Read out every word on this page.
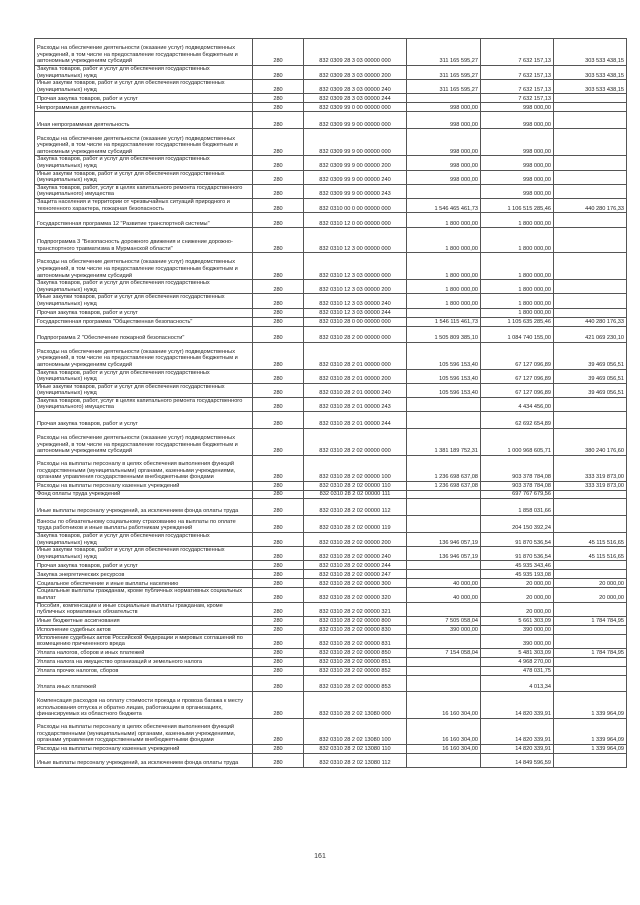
Расходы на обеспечение деятельности (оказание услуг) подведомственных учреждений, в том числе на предоставление государственным бюджетным и автономным учреждениям субсидий	280	832 0309 28 3 03 00000 000	311 165 595,27	7 632 157,13	303 533 438,15
Закупка товаров, работ и услуг для обеспечения государственных (муниципальных) нужд	280	832 0309 28 3 03 00000 200	311 165 595,27	7 632 157,13	303 533 438,15
Иные закупки товаров, работ и услуг для обеспечения государственных (муниципальных) нужд	280	832 0309 28 3 03 00000 240	311 165 595,27	7 632 157,13	303 533 438,15
Прочая закупка товаров, работ и услуг	280	832 0309 28 3 03 00000 244		7 632 157,13	
Непрограммная деятельность	280	832 0309 99 0 00 00000 000	998 000,00	998 000,00	
Иная непрограммная деятельность	280	832 0309 99 9 00 00000 000	998 000,00	998 000,00	
Расходы на обеспечение деятельности (оказание услуг) подведомственных учреждений, в том числе на предоставление государственным бюджетным и автономным учреждениям субсидий	280	832 0309 99 9 00 00000 000	998 000,00	998 000,00	
Закупка товаров, работ и услуг для обеспечения государственных (муниципальных) нужд	280	832 0309 99 9 00 00000 200	998 000,00	998 000,00	
Иные закупки товаров, работ и услуг для обеспечения государственных (муниципальных) нужд	280	832 0309 99 9 00 00000 240	998 000,00	998 000,00	
Закупка товаров, работ, услуг в целях капитального ремонта государственного (муниципального) имущества	280	832 0309 99 9 00 00000 243		998 000,00	
Защита населения и территории от чрезвычайных ситуаций природного и техногенного характера, пожарная безопасность	280	832 0310 00 0 00 00000 000	1 546 465 461,73	1 106 515 285,46	440 280 176,33
Государственная программа 12 "Развитие транспортной системы"	280	832 0310 12 0 00 00000 000	1 800 000,00	1 800 000,00	
Подпрограмма 3 "Безопасность дорожного движения и снижение дорожно-транспортного травматизма в Мурманской области"	280	832 0310 12 3 00 00000 000	1 800 000,00	1 800 000,00	
Расходы на обеспечение деятельности (оказание услуг) подведомственных учреждений, в том числе на предоставление государственным бюджетным и автономным учреждениям субсидий	280	832 0310 12 3 03 00000 000	1 800 000,00	1 800 000,00	
Закупка товаров, работ и услуг для обеспечения государственных (муниципальных) нужд	280	832 0310 12 3 03 00000 200	1 800 000,00	1 800 000,00	
Иные закупки товаров, работ и услуг для обеспечения государственных (муниципальных) нужд	280	832 0310 12 3 03 00000 240	1 800 000,00	1 800 000,00	
Прочая закупка товаров, работ и услуг	280	832 0310 12 3 03 00000 244		1 800 000,00	
Государственная программа "Общественная безопасность"	280	832 0310 28 0 00 00000 000	1 546 115 461,73	1 105 635 285,46	440 280 176,33
Подпрограмма 2 "Обеспечение пожарной безопасности"	280	832 0310 28 2 00 00000 000	1 505 809 385,10	1 084 740 155,00	421 069 230,10
Расходы на обеспечение деятельности (оказание услуг) подведомственных учреждений, в том числе на предоставление государственным бюджетным и автономным учреждениям субсидий	280	832 0310 28 2 01 00000 000	105 596 153,40	67 127 096,89	39 469 056,51
Закупка товаров, работ и услуг для обеспечения государственных (муниципальных) нужд	280	832 0310 28 2 01 00000 200	105 596 153,40	67 127 096,89	39 469 056,51
Иные закупки товаров, работ и услуг для обеспечения государственных (муниципальных) нужд	280	832 0310 28 2 01 00000 240	105 596 153,40	67 127 096,89	39 469 056,51
Закупка товаров, работ, услуг в целях капитального ремонта государственного (муниципального) имущества	280	832 0310 28 2 01 00000 243		4 434 456,00	
Прочая закупка товаров, работ и услуг	280	832 0310 28 2 01 00000 244		62 692 654,89	
Расходы на обеспечение деятельности (оказание услуг) подведомственных учреждений, в том числе на предоставление государственным бюджетным и автономным учреждениям субсидий	280	832 0310 28 2 02 00000 000	1 381 189 752,31	1 000 968 605,71	380 240 176,60
Расходы на выплаты персоналу в целях обеспечения выполнения функций государственными (муниципальными) органами, казенными учреждениями, органами управления государственными внебюджетными фондами	280	832 0310 28 2 02 00000 100	1 236 698 637,08	903 378 784,08	333 319 873,00
Расходы на выплаты персоналу казенных учреждений	280	832 0310 28 2 02 00000 110	1 236 698 637,08	903 378 784,08	333 319 873,00
Фонд оплаты труда учреждений	280	832 0310 28 2 02 00000 111		697 767 679,56	
Иные выплаты персоналу учреждений, за исключением фонда оплаты труда	280	832 0310 28 2 02 00000 112		1 858 031,66	
Взносы по обязательному социальному страхованию на выплаты по оплате труда работников и иные выплаты работникам учреждений	280	832 0310 28 2 02 00000 119		204 150 392,24	
Закупка товаров, работ и услуг для обеспечения государственных (муниципальных) нужд	280	832 0310 28 2 02 00000 200	136 946 057,19	91 870 536,54	45 115 516,65
Иные закупки товаров, работ и услуг для обеспечения государственных (муниципальных) нужд	280	832 0310 28 2 02 00000 240	136 946 057,19	91 870 536,54	45 115 516,65
Прочая закупка товаров, работ и услуг	280	832 0310 28 2 02 00000 244		45 935 343,46	
Закупка энергетических ресурсов	280	832 0310 28 2 02 00000 247		45 935 193,08	
Социальное обеспечение и иные выплаты населению	280	832 0310 28 2 02 00000 300	40 000,00	20 000,00	20 000,00
Социальные выплаты гражданам, кроме публичных нормативных социальных выплат	280	832 0310 28 2 02 00000 320	40 000,00	20 000,00	20 000,00
Пособия, компенсации и иные социальные выплаты гражданам, кроме публичных нормативных обязательств	280	832 0310 28 2 02 00000 321		20 000,00	
Иные бюджетные ассигнования	280	832 0310 28 2 02 00000 800	7 505 058,04	5 661 303,09	1 784 784,95
Исполнение судебных актов	280	832 0310 28 2 02 00000 830	390 000,00	390 000,00	
Исполнение судебных актов Российской Федерации и мировых соглашений по возмещению причиненного вреда	280	832 0310 28 2 02 00000 831		390 000,00	
Уплата налогов, сборов и иных платежей	280	832 0310 28 2 02 00000 850	7 154 058,04	5 481 303,09	1 784 784,95
Уплата налога на имущество организаций и земельного налога	280	832 0310 28 2 02 00000 851		4 968 270,00	
Уплата прочих налогов, сборов	280	832 0310 28 2 02 00000 852		478 031,75	
Уплата иных платежей	280	832 0310 28 2 02 00000 853		4 013,34	
Компенсация расходов на оплату стоимости проезда и провоза багажа к месту использования отпуска и обратно лицам, работающим в организациях, финансируемых из областного бюджета	280	832 0310 28 2 02 13080 000	16 160 304,00	14 820 339,91	1 339 964,09
Расходы на выплаты персоналу в целях обеспечения выполнения функций государственными (муниципальными) органами, казенными учреждениями, органами управления государственными внебюджетными фондами	280	832 0310 28 2 02 13080 100	16 160 304,00	14 820 339,91	1 339 964,09
Расходы на выплаты персоналу казенных учреждений	280	832 0310 28 2 02 13080 110	16 160 304,00	14 820 339,91	1 339 964,09
Иные выплаты персоналу учреждений, за исключением фонда оплаты труда	280	832 0310 28 2 02 13080 112		14 849 596,59	
161
